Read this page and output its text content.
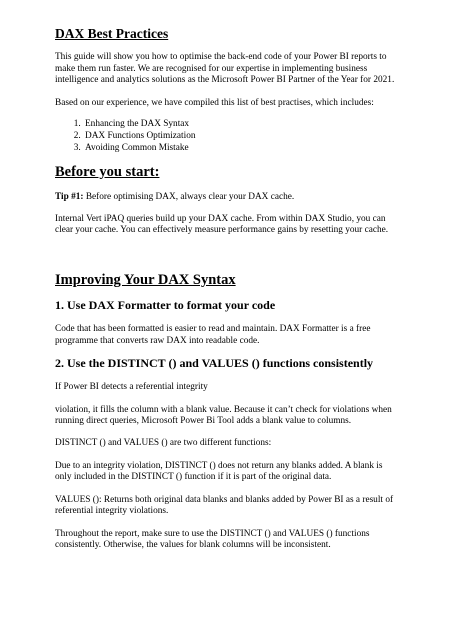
DAX Best Practices

This guide will show you how to optimise the back-end code of your Power BI reports to make them run faster. We are recognised for our expertise in implementing business intelligence and analytics solutions as the Microsoft Power BI Partner of the Year for 2021.

Based on our experience, we have compiled this list of best practises, which includes:

1. Enhancing the DAX Syntax
2. DAX Functions Optimization
3. Avoiding Common Mistake
Before you start:

Tip #1: Before optimising DAX, always clear your DAX cache.

Internal Vert iPAQ queries build up your DAX cache. From within DAX Studio, you can clear your cache. You can effectively measure performance gains by resetting your cache.

Improving Your DAX Syntax
1. Use DAX Formatter to format your code

Code that has been formatted is easier to read and maintain. DAX Formatter is a free programme that converts raw DAX into readable code.

2. Use the DISTINCT () and VALUES () functions consistently

If Power BI detects a referential integrity

violation, it fills the column with a blank value. Because it can’t check for violations when running direct queries, Microsoft Power Bi Tool adds a blank value to columns.

DISTINCT () and VALUES () are two different functions:

Due to an integrity violation, DISTINCT () does not return any blanks added. A blank is only included in the DISTINCT () function if it is part of the original data.

VALUES (): Returns both original data blanks and blanks added by Power BI as a result of referential integrity violations.

Throughout the report, make sure to use the DISTINCT () and VALUES () functions consistently. Otherwise, the values for blank columns will be inconsistent.
